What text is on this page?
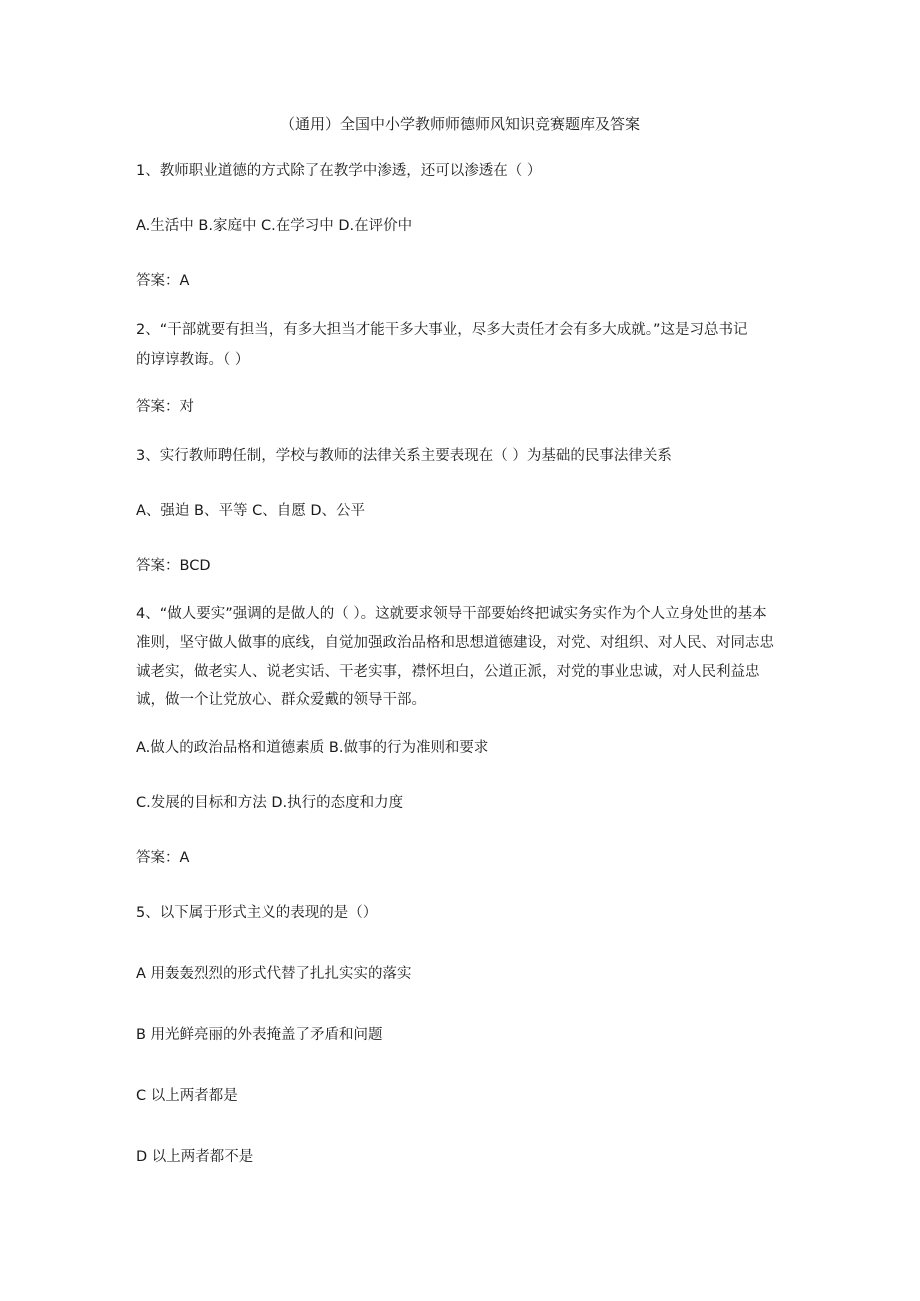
（通用）全国中小学教师师德师风知识竞赛题库及答案
1、教师职业道德的方式除了在教学中渗透，还可以渗透在（ ）
A.生活中 B.家庭中 C.在学习中 D.在评价中
答案：A
2、“干部就要有担当，有多大担当才能干多大事业，尽多大责任才会有多大成就。”这是习总书记
的谆谆教诲。（ ）
答案：对
3、实行教师聘任制，学校与教师的法律关系主要表现在（ ）为基础的民事法律关系
A、强迫 B、平等 C、自愿 D、公平
答案：BCD
4、“做人要实”强调的是做人的（ ）。这就要求领导干部要始终把诚实务实作为个人立身处世的基本
准则，坚守做人做事的底线，自觉加强政治品格和思想道德建设，对党、对组织、对人民、对同志忠
诚老实，做老实人、说老实话、干老实事，襟怀坦白，公道正派，对党的事业忠诚，对人民利益忠
诚，做一个让党放心、群众爱戴的领导干部。
A.做人的政治品格和道德素质 B.做事的行为准则和要求
C.发展的目标和方法 D.执行的态度和力度
答案：A
5、以下属于形式主义的表现的是（）
A 用轰轰烈烈的形式代替了扎扎实实的落实
B 用光鲜亮丽的外表掩盖了矛盾和问题
C 以上两者都是
D 以上两者都不是
